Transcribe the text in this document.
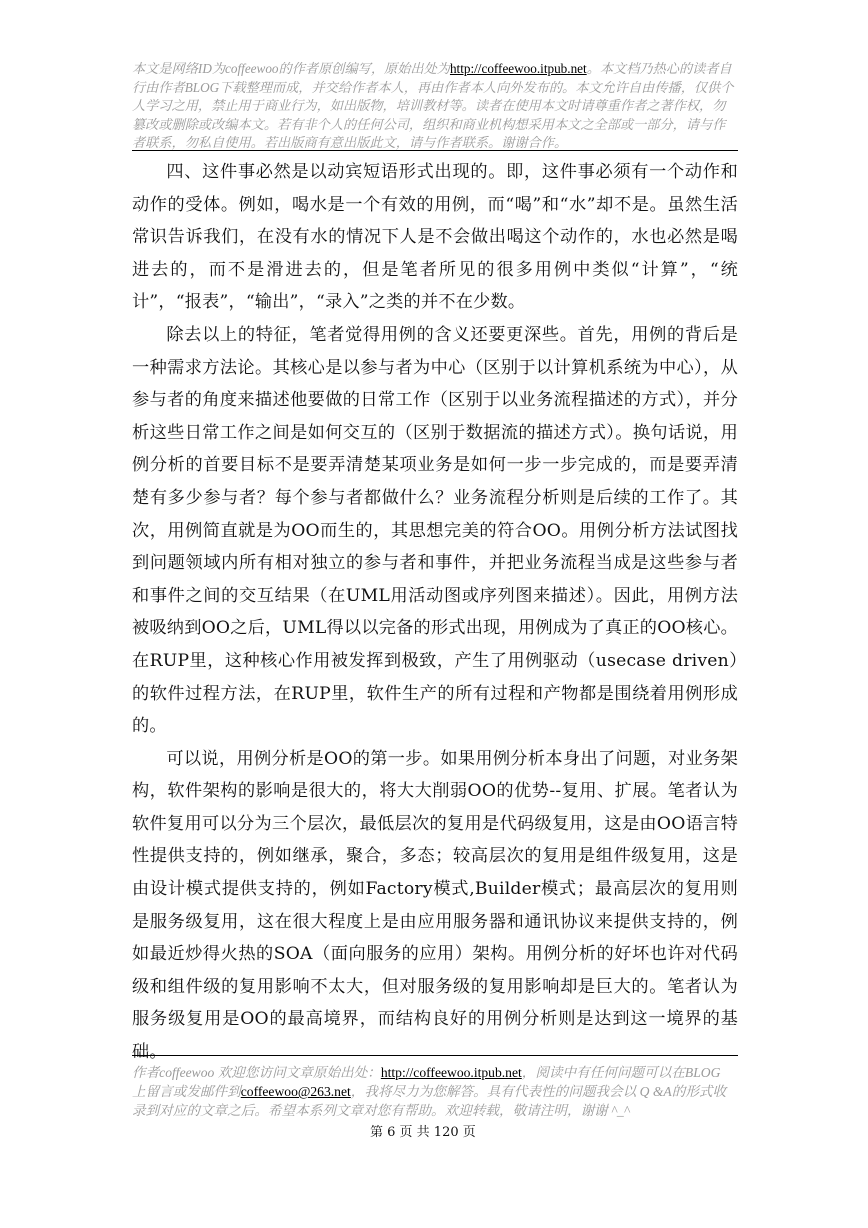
本文是网络ID为coffeewoo的作者原创编写，原始出处为http://coffeewoo.itpub.net。本文档乃热心的读者自行由作者BLOG下载整理而成，并交给作者本人，再由作者本人向外发布的。本文允许自由传播，仅供个人学习之用，禁止用于商业行为，如出版物，培训教材等。读者在使用本文时请尊重作者之著作权，勿篡改或删除或改编本文。若有非个人的任何公司，组织和商业机构想采用本文之全部或一部分，请与作者联系，勿私自使用。若出版商有意出版此文，请与作者联系。谢谢合作。

四、这件事必然是以动宾短语形式出现的。即，这件事必须有一个动作和动作的受体。例如，喝水是一个有效的用例，而“喝”和“水”却不是。虽然生活常识告诉我们，在没有水的情况下人是不会做出喝这个动作的，水也必然是喝进去的，而不是滑进去的，但是笔者所见的很多用例中类似“计算”，“统计”，“报表”，“输出”，“录入”之类的并不在少数。

除去以上的特征，笔者觉得用例的含义还要更深些。首先，用例的背后是一种需求方法论。其核心是以参与者为中心（区别于以计算机系统为中心），从参与者的角度来描述他要做的日常工作（区别于以业务流程描述的方式），并分析这些日常工作之间是如何交互的（区别于数据流的描述方式）。换句话说，用例分析的首要目标不是要弄清楚某项业务是如何一步一步完成的，而是要弄清楚有多少参与者？每个参与者都做什么？业务流程分析则是后续的工作了。其次，用例简直就是为OO而生的，其思想完美的符合OO。用例分析方法试图找到问题领域内所有相对独立的参与者和事件，并把业务流程当成是这些参与者和事件之间的交互结果（在UML用活动图或序列图来描述）。因此，用例方法被吸纳到OO之后，UML得以以完备的形式出现，用例成为了真正的OO核心。在RUP里，这种核心作用被发挥到极致，产生了用例驱动（usecase driven）的软件过程方法，在RUP里，软件生产的所有过程和产物都是围绕着用例形成的。

可以说，用例分析是OO的第一步。如果用例分析本身出了问题，对业务架构，软件架构的影响是很大的，将大大削弱OO的优势--复用、扩展。笔者认为软件复用可以分为三个层次，最低层次的复用是代码级复用，这是由OO语言特性提供支持的，例如继承，聚合，多态；较高层次的复用是组件级复用，这是由设计模式提供支持的，例如Factory模式,Builder模式；最高层次的复用则是服务级复用，这在很大程度上是由应用服务器和通讯协议来提供支持的，例如最近炒得火热的SOA（面向服务的应用）架构。用例分析的好坏也许对代码级和组件级的复用影响不太大，但对服务级的复用影响却是巨大的。笔者认为服务级复用是OO的最高境界，而结构良好的用例分析则是达到这一境界的基础。

作者coffeewoo 欢迎您访问文章原始出处：http://coffeewoo.itpub.net，阅读中有任何问题可以在BLOG上留言或发邮件到coffeewoo@263.net，我将尽力为您解答。具有代表性的问题我会以 Q &A的形式收录到对应的文章之后。希望本系列文章对您有帮助。欢迎转载，敬请注明，谢谢 ^_^
第 6 页 共 120 页
